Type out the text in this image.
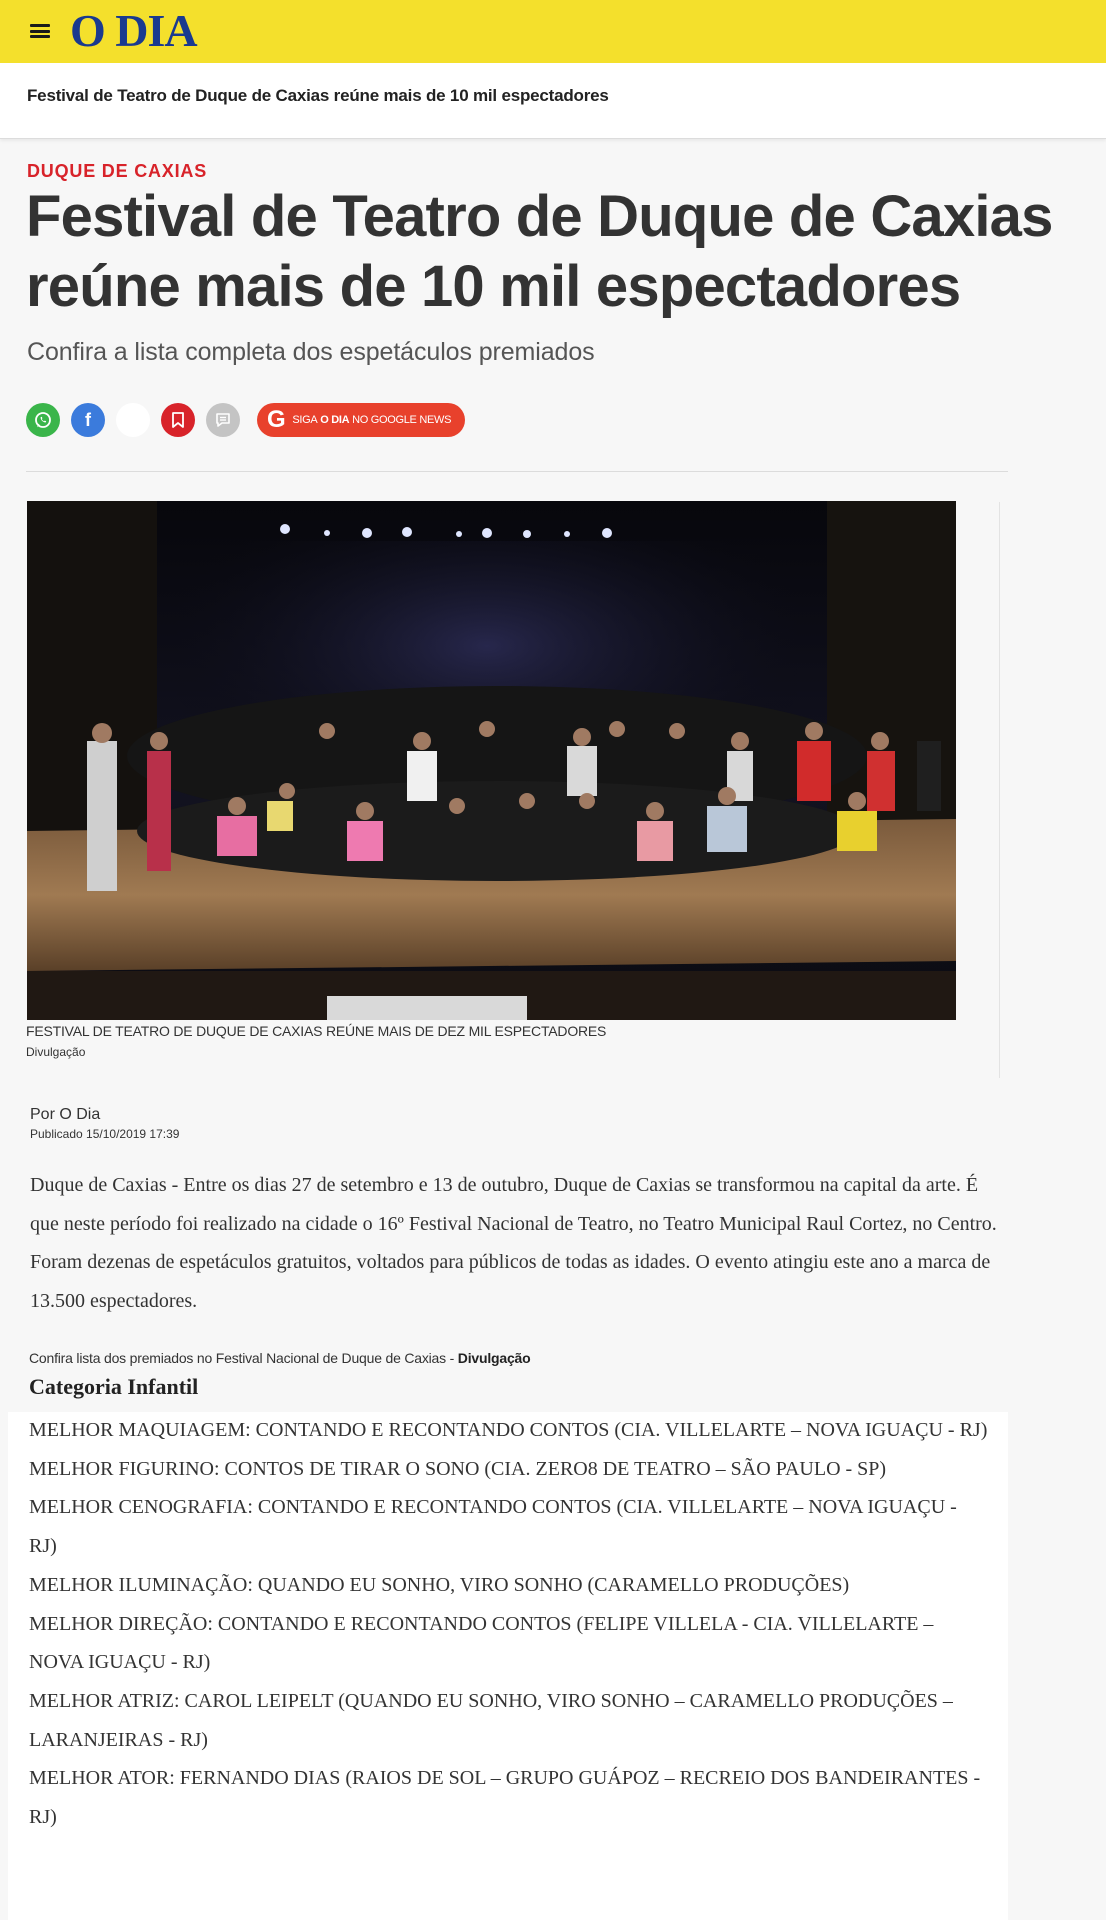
O DIA
Festival de Teatro de Duque de Caxias reúne mais de 10 mil espectadores
DUQUE DE CAXIAS
Festival de Teatro de Duque de Caxias reúne mais de 10 mil espectadores
Confira a lista completa dos espetáculos premiados
f	G SIGA
O DIA
NO GOOGLE NEWS
FESTIVAL DE TEATRO DE DUQUE DE CAXIAS REÚNE MAIS DE DEZ MIL ESPECTADORES
Divulgação
Por O Dia
Publicado 15/10/2019 17:39

Duque de Caxias - Entre os dias 27 de setembro e 13 de outubro, Duque de Caxias se transformou na capital da arte. É que neste período foi realizado na cidade o 16º Festival Nacional de Teatro, no Teatro Municipal Raul Cortez, no Centro. Foram dezenas de espetáculos gratuitos, voltados para públicos de todas as idades. O evento atingiu este ano a marca de 13.500 espectadores.

Confira lista dos premiados no Festival Nacional de Duque de Caxias - Divulgação
Categoria Infantil
MELHOR MAQUIAGEM: CONTANDO E RECONTANDO CONTOS (CIA. VILLELARTE – NOVA IGUAÇU - RJ)
MELHOR FIGURINO: CONTOS DE TIRAR O SONO (CIA. ZERO8 DE TEATRO – SÃO PAULO - SP)
MELHOR CENOGRAFIA: CONTANDO E RECONTANDO CONTOS (CIA. VILLELARTE – NOVA IGUAÇU - RJ)
MELHOR ILUMINAÇÃO: QUANDO EU SONHO, VIRO SONHO (CARAMELLO PRODUÇÕES)
MELHOR DIREÇÃO: CONTANDO E RECONTANDO CONTOS (FELIPE VILLELA - CIA. VILLELARTE – NOVA IGUAÇU - RJ)
MELHOR ATRIZ: CAROL LEIPELT (QUANDO EU SONHO, VIRO SONHO – CARAMELLO PRODUÇÕES – LARANJEIRAS - RJ)
MELHOR ATOR: FERNANDO DIAS (RAIOS DE SOL – GRUPO GUÁPOZ – RECREIO DOS BANDEIRANTES - RJ)
